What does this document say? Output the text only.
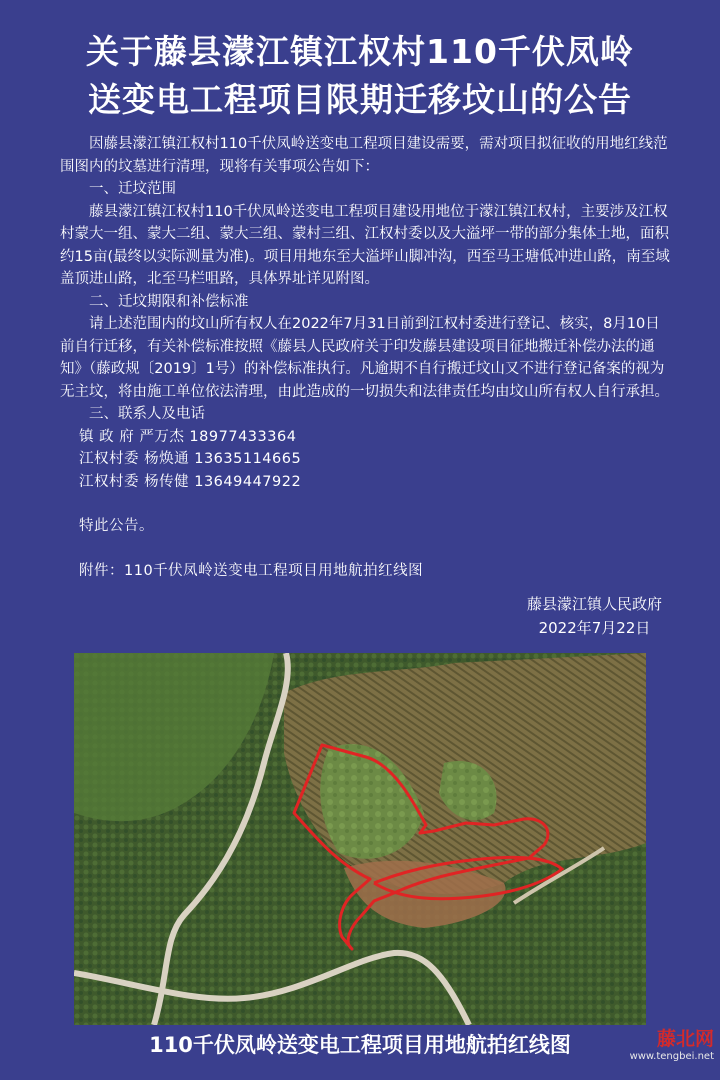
关于藤县濛江镇江权村110千伏凤岭
送变电工程项目限期迁移坟山的公告

因藤县濛江镇江权村110千伏凤岭送变电工程项目建设需要，需对项目拟征收的用地红线范围图内的坟墓进行清理，现将有关事项公告如下：

一、迁坟范围

藤县濛江镇江权村110千伏凤岭送变电工程项目建设用地位于濛江镇江权村，主要涉及江权村蒙大一组、蒙大二组、蒙大三组、蒙村三组、江权村委以及大溢坪一带的部分集体土地，面积约15亩(最终以实际测量为准)。项目用地东至大溢坪山脚冲沟，西至马王塘低冲进山路，南至域盖顶进山路，北至马栏咀路，具体界址详见附图。

二、迁坟期限和补偿标准

请上述范围内的坟山所有权人在2022年7月31日前到江权村委进行登记、核实，8月10日前自行迁移，有关补偿标准按照《藤县人民政府关于印发藤县建设项目征地搬迁补偿办法的通知》（藤政规〔2019〕1号）的补偿标准执行。凡逾期不自行搬迁坟山又不进行登记备案的视为无主坟，将由施工单位依法清理，由此造成的一切损失和法律责任均由坟山所有权人自行承担。

三、联系人及电话

镇 政 府 严万杰 18977433364

江权村委 杨焕通 13635114665

江权村委 杨传健 13649447922

特此公告。

附件：110千伏凤岭送变电工程项目用地航拍红线图

藤县濛江镇人民政府
2022年7月22日
110千伏凤岭送变电工程项目用地航拍红线图	藤北网
www.tengbei.net
